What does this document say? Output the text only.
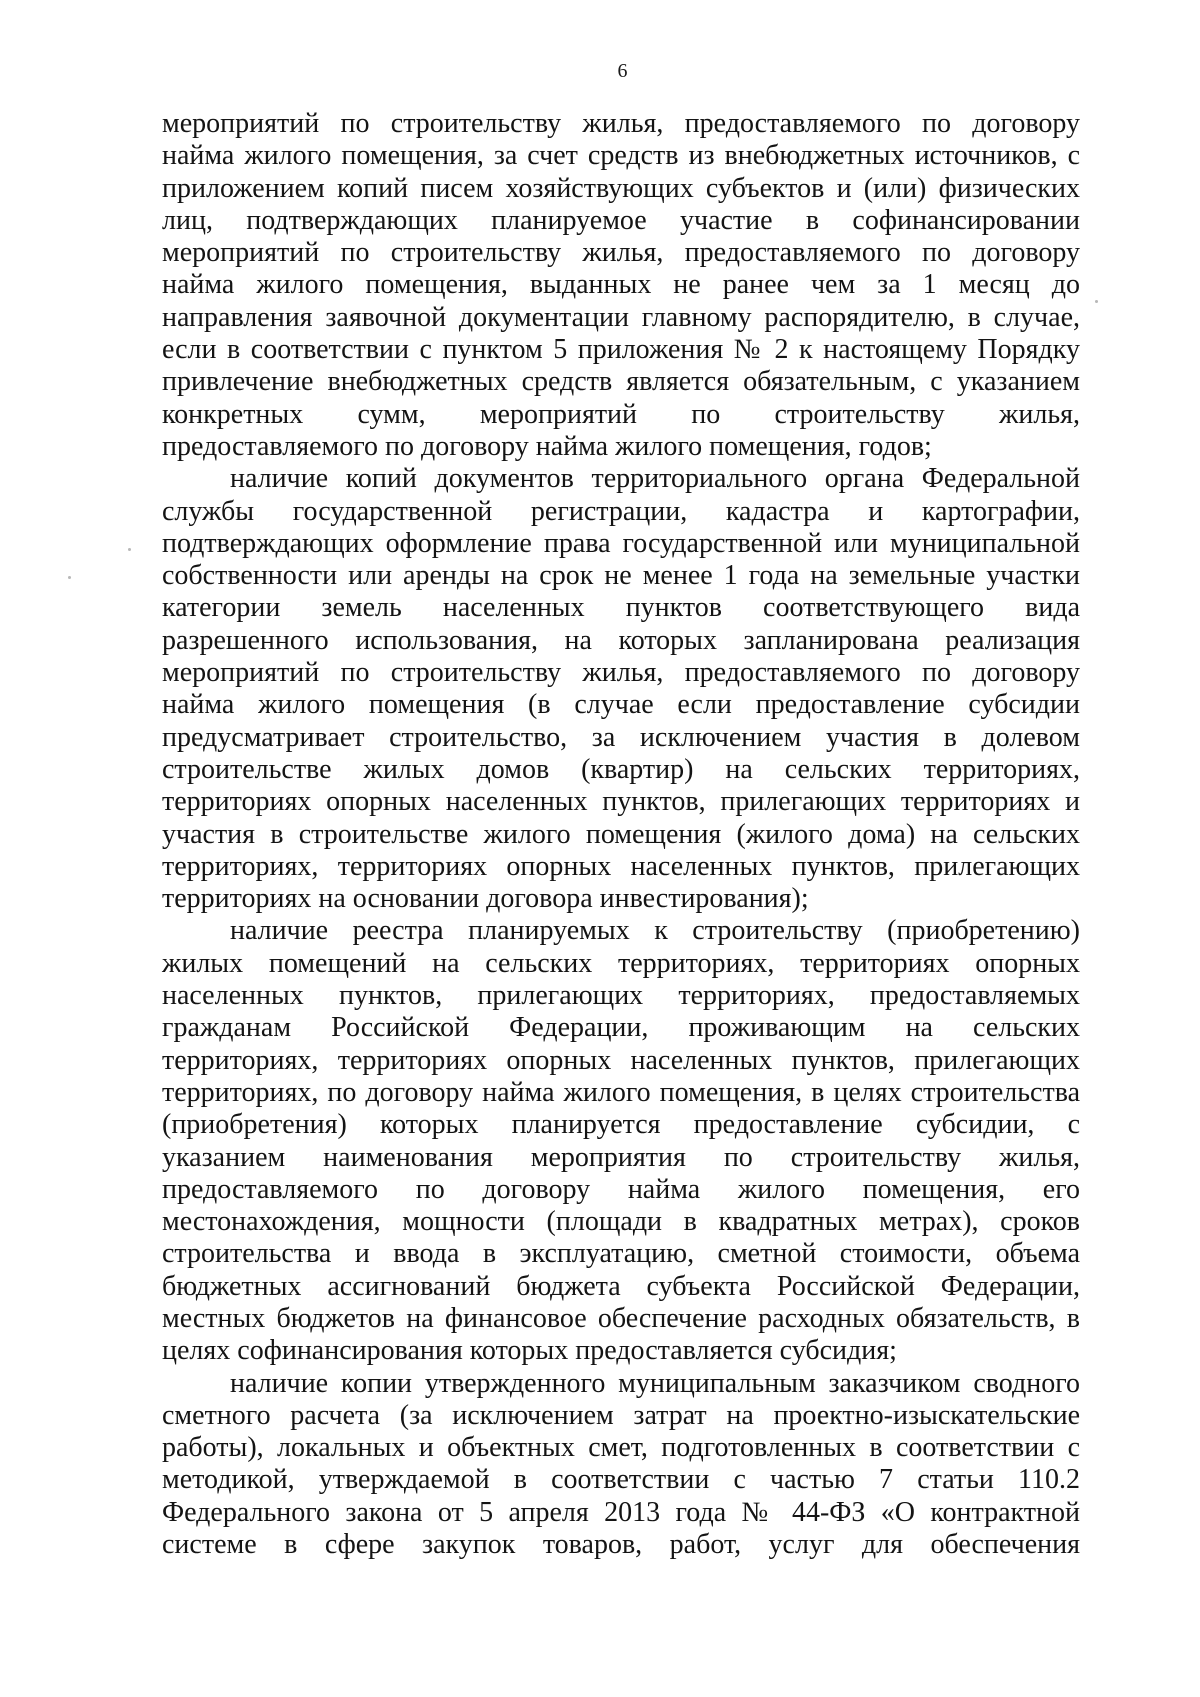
6
мероприятий по строительству жилья, предоставляемого по договору
найма жилого помещения, за счет средств из внебюджетных источников, с
приложением копий писем хозяйствующих субъектов и (или) физических
лиц, подтверждающих планируемое участие в софинансировании
мероприятий по строительству жилья, предоставляемого по договору
найма жилого помещения, выданных не ранее чем за 1 месяц до
направления заявочной документации главному распорядителю, в случае,
если в соответствии с пунктом 5 приложения № 2 к настоящему Порядку
привлечение внебюджетных средств является обязательным, с указанием
конкретных сумм, мероприятий по строительству жилья,
предоставляемого по договору найма жилого помещения, годов;
наличие копий документов территориального органа Федеральной
службы государственной регистрации, кадастра и картографии,
подтверждающих оформление права государственной или муниципальной
собственности или аренды на срок не менее 1 года на земельные участки
категории земель населенных пунктов соответствующего вида
разрешенного использования, на которых запланирована реализация
мероприятий по строительству жилья, предоставляемого по договору
найма жилого помещения (в случае если предоставление субсидии
предусматривает строительство, за исключением участия в долевом
строительстве жилых домов (квартир) на сельских территориях,
территориях опорных населенных пунктов, прилегающих территориях и
участия в строительстве жилого помещения (жилого дома) на сельских
территориях, территориях опорных населенных пунктов, прилегающих
территориях на основании договора инвестирования);
наличие реестра планируемых к строительству (приобретению)
жилых помещений на сельских территориях, территориях опорных
населенных пунктов, прилегающих территориях, предоставляемых
гражданам Российской Федерации, проживающим на сельских
территориях, территориях опорных населенных пунктов, прилегающих
территориях, по договору найма жилого помещения, в целях строительства
(приобретения) которых планируется предоставление субсидии, с
указанием наименования мероприятия по строительству жилья,
предоставляемого по договору найма жилого помещения, его
местонахождения, мощности (площади в квадратных метрах), сроков
строительства и ввода в эксплуатацию, сметной стоимости, объема
бюджетных ассигнований бюджета субъекта Российской Федерации,
местных бюджетов на финансовое обеспечение расходных обязательств, в
целях софинансирования которых предоставляется субсидия;
наличие копии утвержденного муниципальным заказчиком сводного
сметного расчета (за исключением затрат на проектно-изыскательские
работы), локальных и объектных смет, подготовленных в соответствии с
методикой, утверждаемой в соответствии с частью 7 статьи 110.2
Федерального закона от 5 апреля 2013 года № 44-ФЗ «О контрактной
системе в сфере закупок товаров, работ, услуг для обеспечения
